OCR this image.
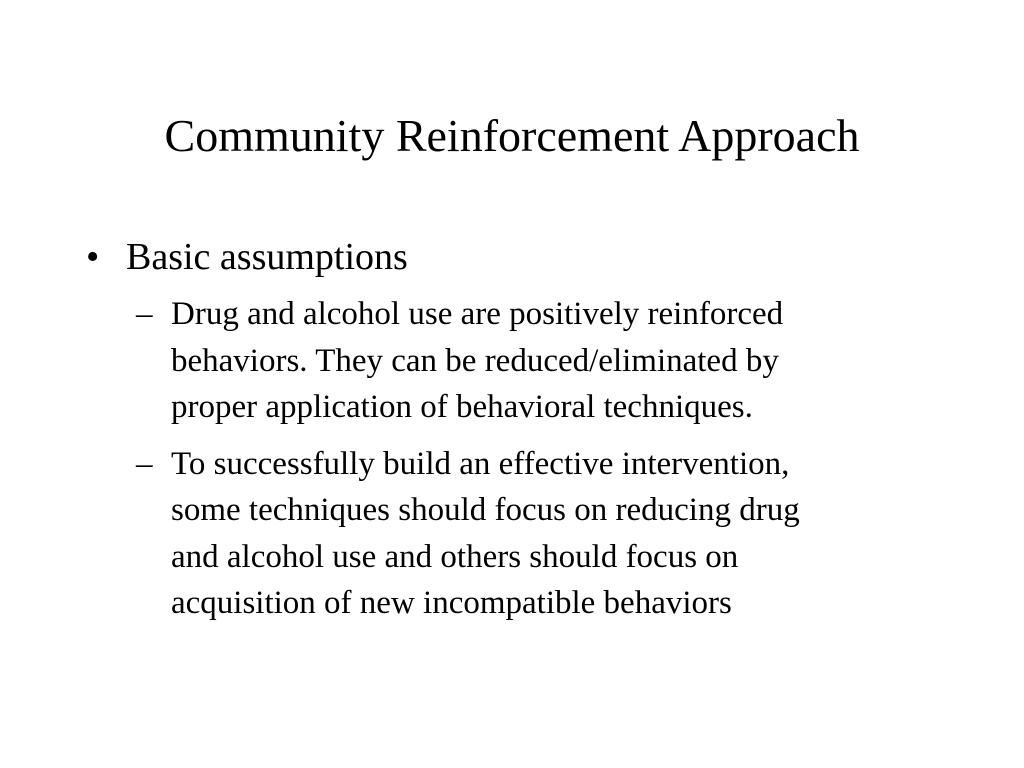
Community Reinforcement Approach
• Basic assumptions
– Drug and alcohol use are positively reinforced
behaviors. They can be reduced/eliminated by
proper application of behavioral techniques.
– To successfully build an effective intervention,
some techniques should focus on reducing drug
and alcohol use and others should focus on
acquisition of new incompatible behaviors
